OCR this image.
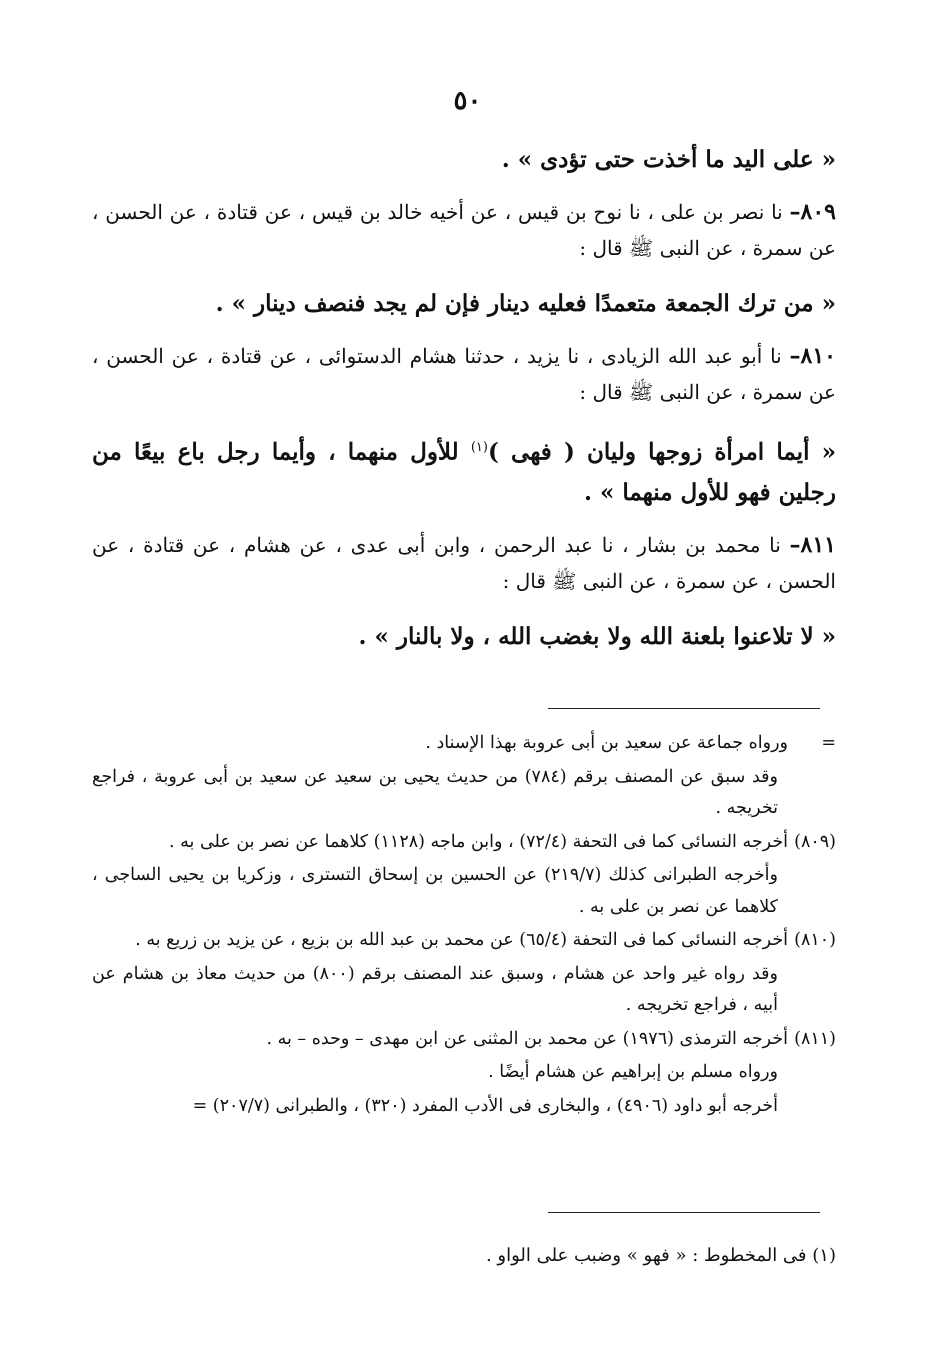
٥٠

« على اليد ما أخذت حتى تؤدى » .

٨٠٩– نا نصر بن على ، نا نوح بن قيس ، عن أخيه خالد بن قيس ، عن قتادة ، عن الحسن ، عن سمرة ، عن النبى ﷺ قال :

« من ترك الجمعة متعمدًا فعليه دينار فإن لم يجد فنصف دينار » .

٨١٠– نا أبو عبد الله الزيادى ، نا يزيد ، حدثنا هشام الدستوائى ، عن قتادة ، عن الحسن ، عن سمرة ، عن النبى ﷺ قال :

« أيما امرأة زوجها وليان ( فهى )$^{(١)}$ للأول منهما ، وأيما رجل باع بيعًا من رجلين فهو للأول منهما » .

٨١١– نا محمد بن بشار ، نا عبد الرحمن ، وابن أبى عدى ، عن هشام ، عن قتادة ، عن الحسن ، عن سمرة ، عن النبى ﷺ قال :

« لا تلاعنوا بلعنة الله ولا بغضب الله ، ولا بالنار » .

=
ورواه جماعة عن سعيد بن أبى عروبة بهذا الإسناد .
وقد سبق عن المصنف برقم (٧٨٤) من حديث يحيى بن سعيد عن سعيد بن أبى عروبة ، فراجع تخريجه .
(٨٠٩)
أخرجه النسائى كما فى التحفة (٧٢/٤) ، وابن ماجه (١١٢٨) كلاهما عن نصر بن على به .
وأخرجه الطبرانى كذلك (٢١٩/٧) عن الحسين بن إسحاق التسترى ، وزكريا بن يحيى الساجى ، كلاهما عن نصر بن على به .
(٨١٠)
أخرجه النسائى كما فى التحفة (٦٥/٤) عن محمد بن عبد الله بن بزيع ، عن يزيد بن زريع به .
وقد رواه غير واحد عن هشام ، وسبق عند المصنف برقم (٨٠٠) من حديث معاذ بن هشام عن أبيه ، فراجع تخريجه .
(٨١١)
أخرجه الترمذى (١٩٧٦) عن محمد بن المثنى عن ابن مهدى – وحده – به .
ورواه مسلم بن إبراهيم عن هشام أيضًا .
أخرجه أبو داود (٤٩٠٦) ، والبخارى فى الأدب المفرد (٣٢٠) ، والطبرانى (٢٠٧/٧) =
(١) فى المخطوط : « فهو » وضبب على الواو .
